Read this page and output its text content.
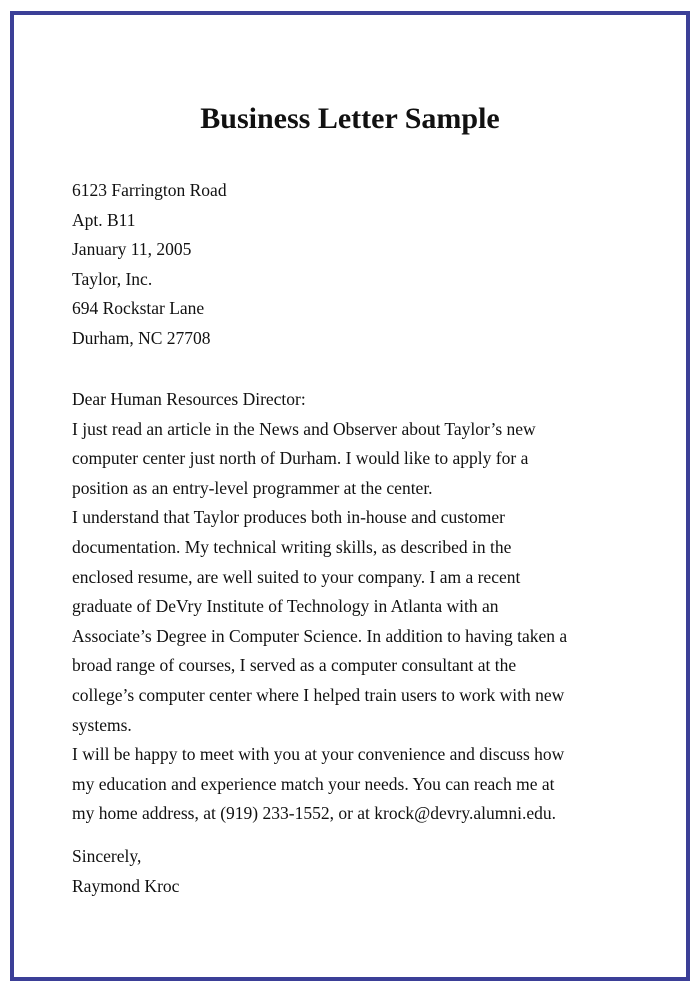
Business Letter Sample
6123 Farrington Road
Apt. B11
January 11, 2005
Taylor, Inc.
694 Rockstar Lane
Durham, NC 27708
Dear Human Resources Director:
I just read an article in the News and Observer about Taylor’s new
computer center just north of Durham. I would like to apply for a
position as an entry-level programmer at the center.
I understand that Taylor produces both in-house and customer
documentation. My technical writing skills, as described in the
enclosed resume, are well suited to your company. I am a recent
graduate of DeVry Institute of Technology in Atlanta with an
Associate’s Degree in Computer Science. In addition to having taken a
broad range of courses, I served as a computer consultant at the
college’s computer center where I helped train users to work with new
systems.
I will be happy to meet with you at your convenience and discuss how
my education and experience match your needs. You can reach me at
my home address, at (919) 233-1552, or at krock@devry.alumni.edu.
Sincerely,
Raymond Kroc
